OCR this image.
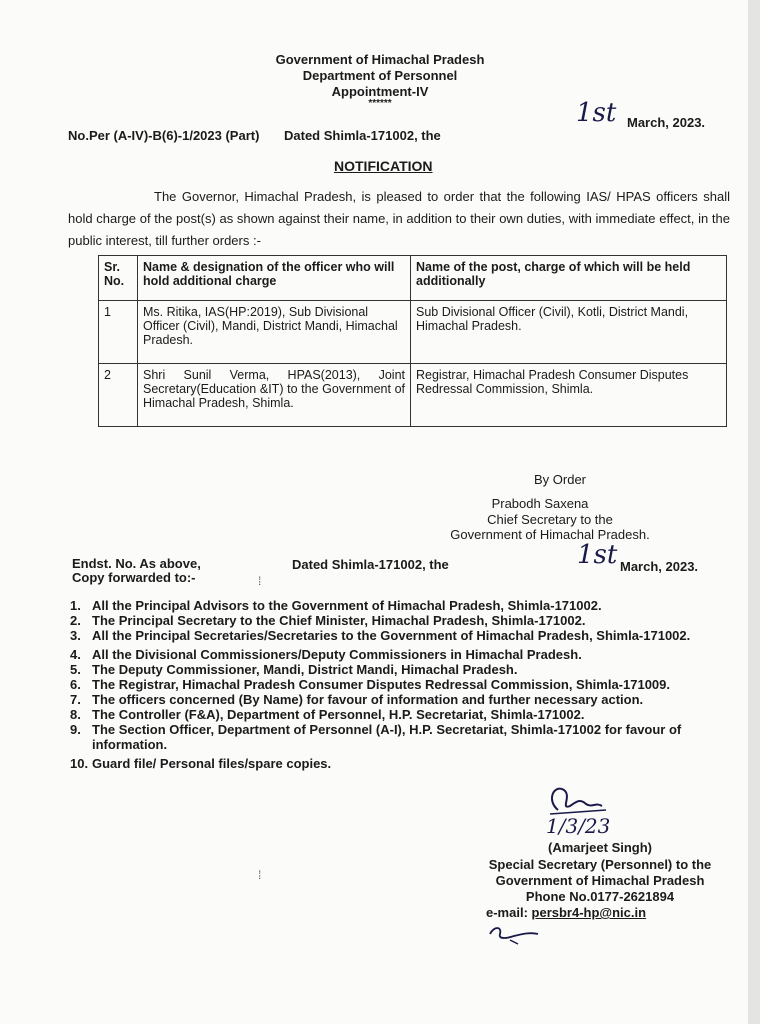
Government of Himachal Pradesh
Department of Personnel
Appointment-IV
******
No.Per (A-IV)-B(6)-1/2023 (Part) Dated Shimla-171002, the
1st March, 2023.
NOTIFICATION
The Governor, Himachal Pradesh, is pleased to order that the following IAS/ HPAS officers shall hold charge of the post(s) as shown against their name, in addition to their own duties, with immediate effect, in the public interest, till further orders :-
Sr. No.	Name & designation of the officer who will hold additional charge	Name of the post, charge of which will be held additionally
1	Ms. Ritika, IAS(HP:2019), Sub Divisional Officer (Civil), Mandi, District Mandi, Himachal Pradesh.	Sub Divisional Officer (Civil), Kotli, District Mandi, Himachal Pradesh.
2	Shri Sunil Verma, HPAS(2013), Joint Secretary(Education &IT) to the Government of Himachal Pradesh, Shimla.	Registrar, Himachal Pradesh Consumer Disputes Redressal Commission, Shimla.
By Order
Prabodh Saxena
Chief Secretary to the
Government of Himachal Pradesh.
Endst. No. As above,
Copy forwarded to:-
Dated Shimla-171002, the	1st March, 2023.
1. All the Principal Advisors to the Government of Himachal Pradesh, Shimla-171002.
2. The Principal Secretary to the Chief Minister, Himachal Pradesh, Shimla-171002.
3. All the Principal Secretaries/Secretaries to the Government of Himachal Pradesh, Shimla-171002.
4. All the Divisional Commissioners/Deputy Commissioners in Himachal Pradesh.
5. The Deputy Commissioner, Mandi, District Mandi, Himachal Pradesh.
6. The Registrar, Himachal Pradesh Consumer Disputes Redressal Commission, Shimla-171009.
7. The officers concerned (By Name) for favour of information and further necessary action.
8. The Controller (F&A), Department of Personnel, H.P. Secretariat, Shimla-171002.
9. The Section Officer, Department of Personnel (A-I), H.P. Secretariat, Shimla-171002 for favour of information.
10. Guard file/ Personal files/spare copies.
1/3/23
(Amarjeet Singh)
Special Secretary (Personnel) to the
Government of Himachal Pradesh
Phone No.0177-2621894
e-mail: persbr4-hp@nic.in
⁞
⁞
